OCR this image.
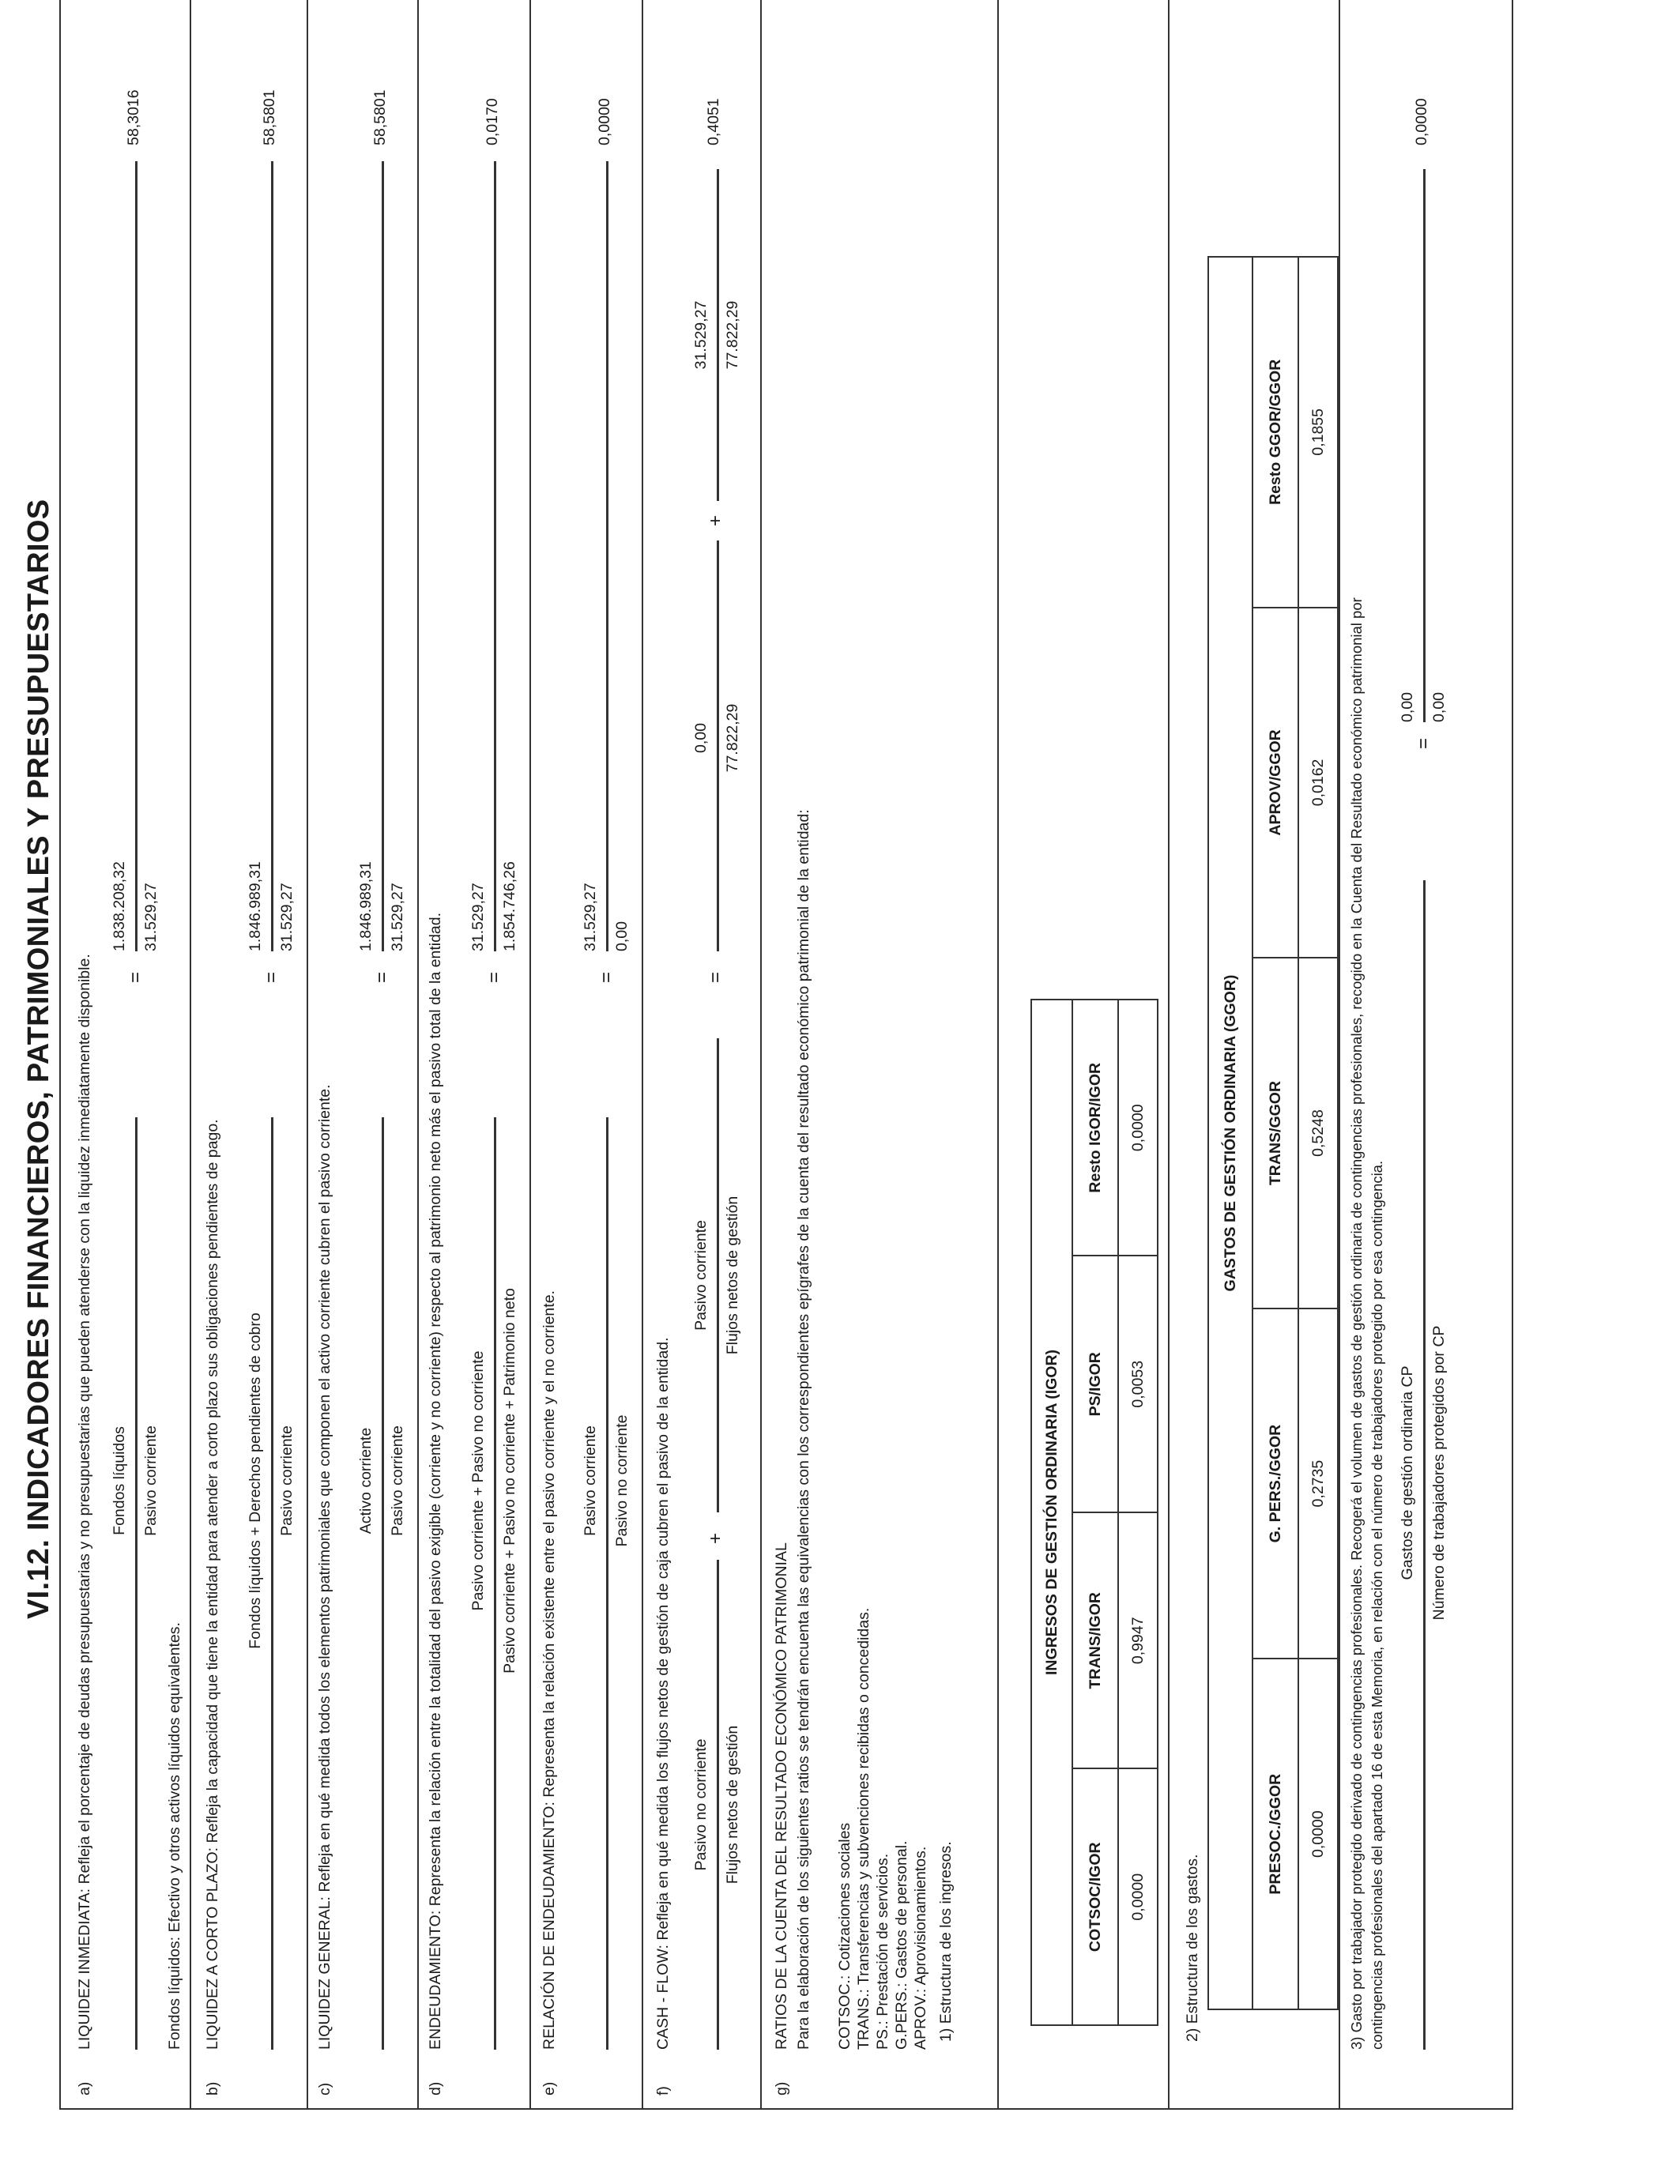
VI.12. INDICADORES FINANCIEROS, PATRIMONIALES Y PRESUPUESTARIOS
a)
LIQUIDEZ INMEDIATA: Refleja el porcentaje de deudas presupuestarias y no presupuestarias que pueden atenderse con la liquidez inmediatamente disponible. Fondos líquidos Pasivo corriente
=
1.838.208,32 31.529,27
58,3016
Fondos líquidos: Efectivo y otros activos líquidos equivalentes.
b)
LIQUIDEZ A CORTO PLAZO: Refleja la capacidad que tiene la entidad para atender a corto plazo sus obligaciones pendientes de pago. Fondos líquidos + Derechos pendientes de cobro Pasivo corriente
=
1.846.989,31 31.529,27
58,5801
c)
LIQUIDEZ GENERAL: Refleja en qué medida todos los elementos patrimoniales que componen el activo corriente cubren el pasivo corriente. Activo corriente Pasivo corriente
=
1.846.989,31 31.529,27
58,5801
d)
ENDEUDAMIENTO: Representa la relación entre la totalidad del pasivo exigible (corriente y no corriente) respecto al patrimonio neto más el pasivo total de la entidad. Pasivo corriente + Pasivo no corriente Pasivo corriente + Pasivo no corriente + Patrimonio neto
=
31.529,27 1.854.746,26
0,0170
e)
RELACIÓN DE ENDEUDAMIENTO: Representa la relación existente entre el pasivo corriente y el no corriente. Pasivo corriente Pasivo no corriente
=
31.529,27 0,00
0,0000
f)
CASH - FLOW: Refleja en qué medida los flujos netos de gestión de caja cubren el pasivo de la entidad. Pasivo no corriente Flujos netos de gestión
+
Pasivo corriente Flujos netos de gestión
=
0,00 77.822,29
+
31.529,27 77.822,29
0,4051
g)
RATIOS DE LA CUENTA DEL RESULTADO ECONÓMICO PATRIMONIAL Para la elaboración de los siguientes ratios se tendrán encuenta las equivalencias con los correspondientes epígrafes de la cuenta del resultado económico patrimonial de la entidad: COTSOC.: Cotizaciones sociales TRANS.: Transferencias y subvenciones recibidas o concedidas. PS.: Prestación de servicios. G.PERS.: Gastos de personal. APROV.: Aprovisionamientos. 1) Estructura de los ingresos.
INGRESOS DE GESTIÓN ORDINARIA (IGOR)			
COTSOC/IGOR	TRANS/IGOR	PS/IGOR	Resto IGOR/IGOR
0,0000	0,9947	0,0053	0,0000
2) Estructura de los gastos.
GASTOS DE GESTIÓN ORDINARIA (GGOR)				
PRESOC./GGOR	G. PERS./GGOR	TRANS/GGOR	APROV/GGOR	Resto GGOR/GGOR
0,0000	0,2735	0,5248	0,0162	0,1855
3) Gasto por trabajador protegido derivado de contingencias profesionales. Recogerá el volumen de gastos de gestión ordinaria de contingencias profesionales, recogido en la Cuenta del Resultado económico patrimonial por contingencias profesionales del apartado 16 de esta Memoria, en relación con el número de trabajadores protegido por esa contingencia. Gastos de gestión ordinaria CP Número de trabajadores protegidos por CP
=
0,00 0,00
0,0000
